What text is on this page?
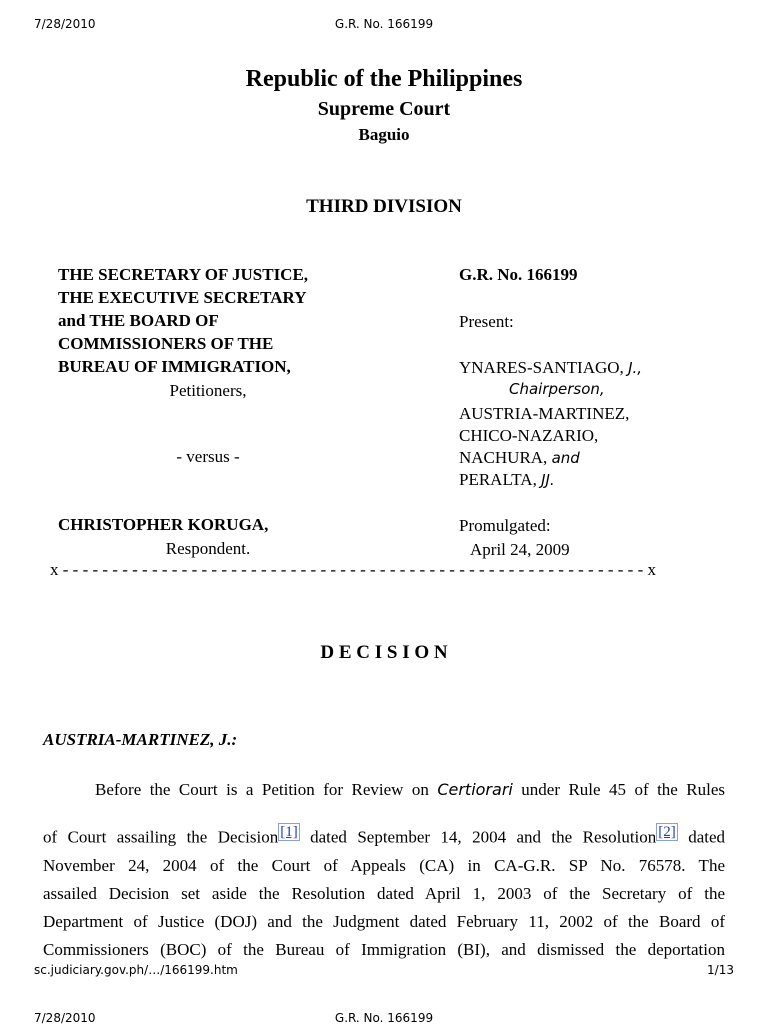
7/28/2010	G.R. No. 166199
Republic of the Philippines
Supreme Court
Baguio
THIRD DIVISION
THE SECRETARY OF JUSTICE,
THE EXECUTIVE SECRETARY
and THE BOARD OF
COMMISSIONERS OF THE
BUREAU OF IMMIGRATION,
Petitioners,
- versus -
CHRISTOPHER KORUGA,
Respondent.
G.R. No. 166199
Present:
YNARES-SANTIAGO, J.,
Chairperson,
AUSTRIA-MARTINEZ,
CHICO-NAZARIO,
NACHURA, and
PERALTA, JJ.
Promulgated:
April 24, 2009
x - - - - - - - - - - - - - - - - - - - - - - - - - - - - - - - - - - - - - - - - - - - - - - - - - - - - - - - - - - - x
D E C I S I O N
AUSTRIA-MARTINEZ, J.:
Before the Court is a Petition for Review on Certiorari under Rule 45 of the Rules
of Court assailing the Decision [1] dated September 14, 2004 and the Resolution [2] dated
November 24, 2004 of the Court of Appeals (CA) in CA-G.R. SP No. 76578. The
assailed Decision set aside the Resolution dated April 1, 2003 of the Secretary of the
Department of Justice (DOJ) and the Judgment dated February 11, 2002 of the Board of
Commissioners (BOC) of the Bureau of Immigration (BI), and dismissed the deportation
sc.judiciary.gov.ph/…/166199.htm	1/13
7/28/2010	G.R. No. 166199
